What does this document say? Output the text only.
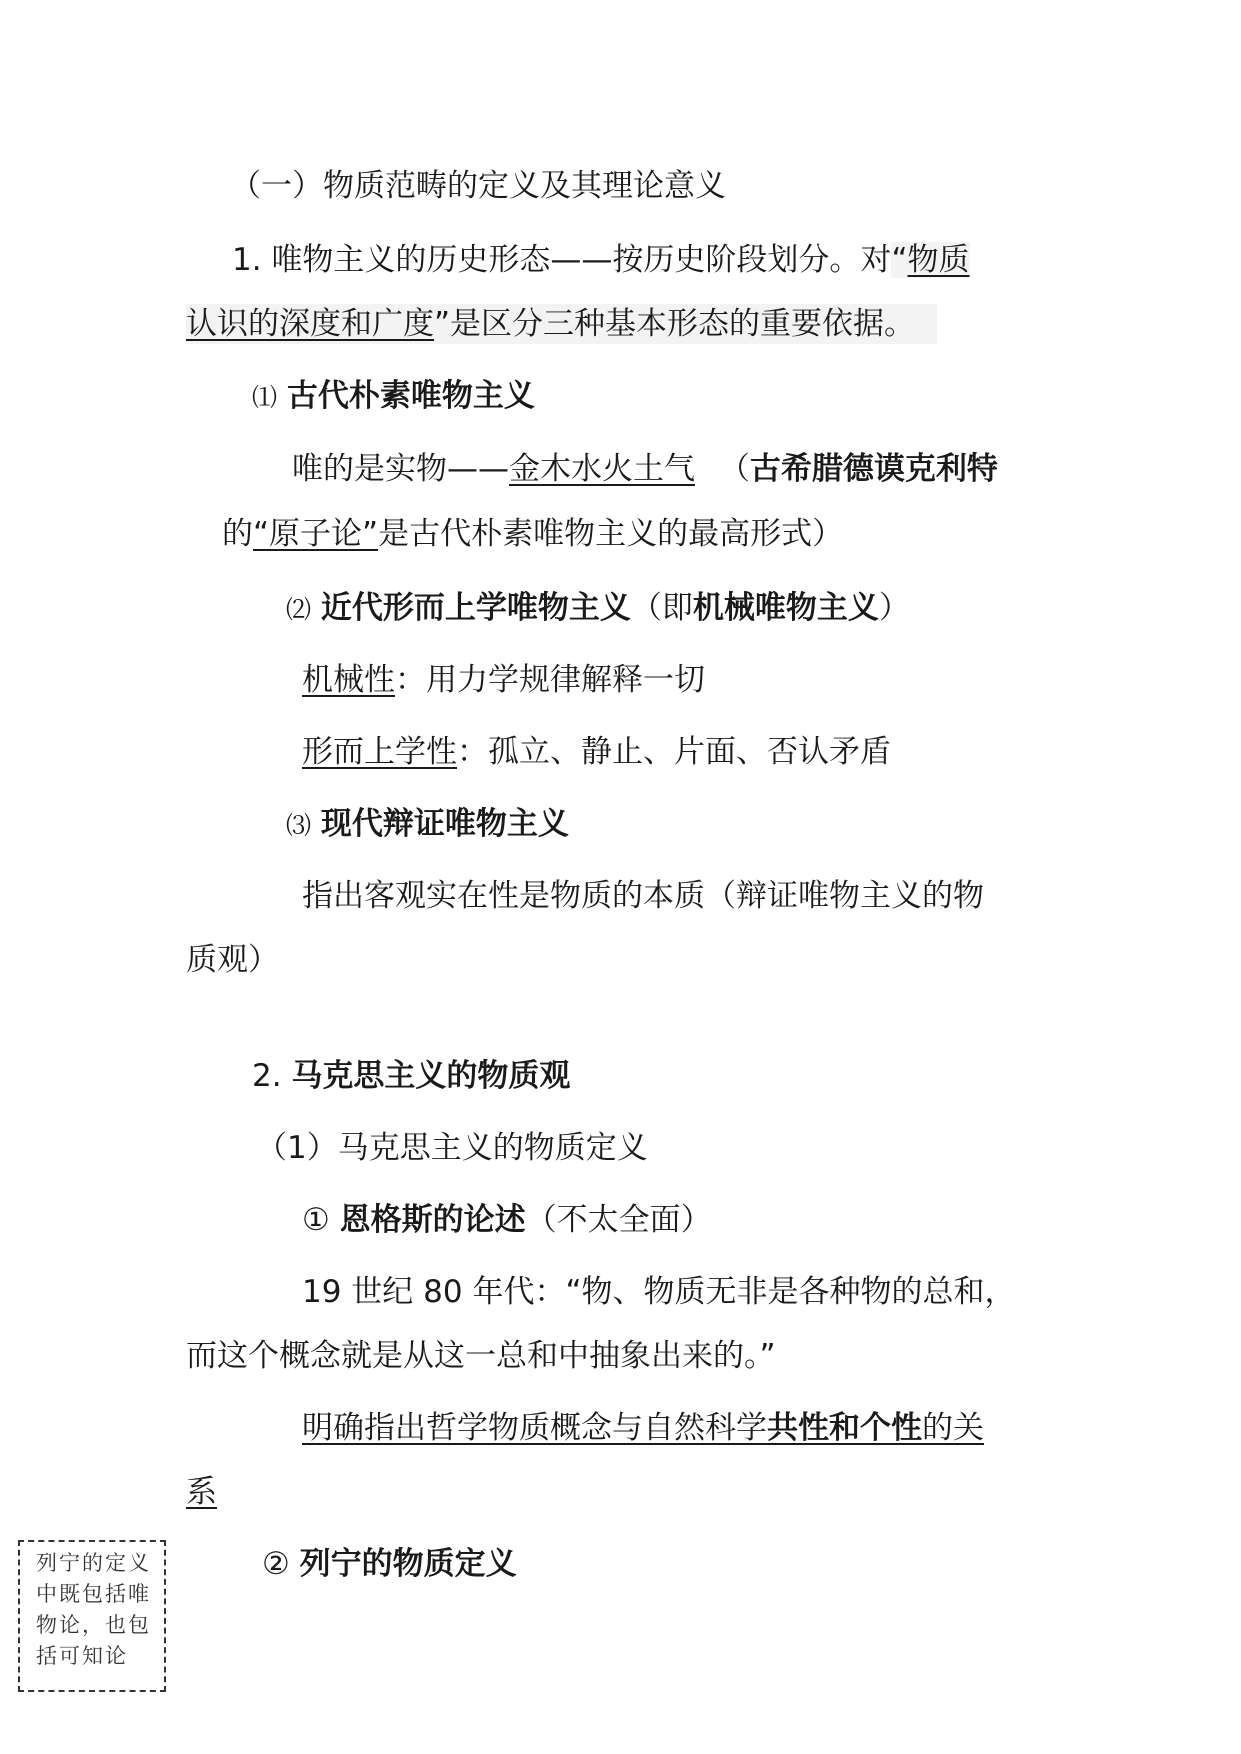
（一）物质范畴的定义及其理论意义
1. 唯物主义的历史形态——按历史阶段划分。对“物质
认识的深度和广度”是区分三种基本形态的重要依据。
⑴ 古代朴素唯物主义
唯的是实物——金木水火土气 （古希腊德谟克利特
的“原子论”是古代朴素唯物主义的最高形式）
⑵ 近代形而上学唯物主义（即机械唯物主义）
机械性：用力学规律解释一切
形而上学性：孤立、静止、片面、否认矛盾
⑶ 现代辩证唯物主义
指出客观实在性是物质的本质（辩证唯物主义的物
质观）
2. 马克思主义的物质观
（1）马克思主义的物质定义
① 恩格斯的论述（不太全面）
19 世纪 80 年代：“物、物质无非是各种物的总和，
而这个概念就是从这一总和中抽象出来的。”
明确指出哲学物质概念与自然科学共性和个性的关
系
② 列宁的物质定义
列宁的定义中既包括唯物论，也包括可知论
